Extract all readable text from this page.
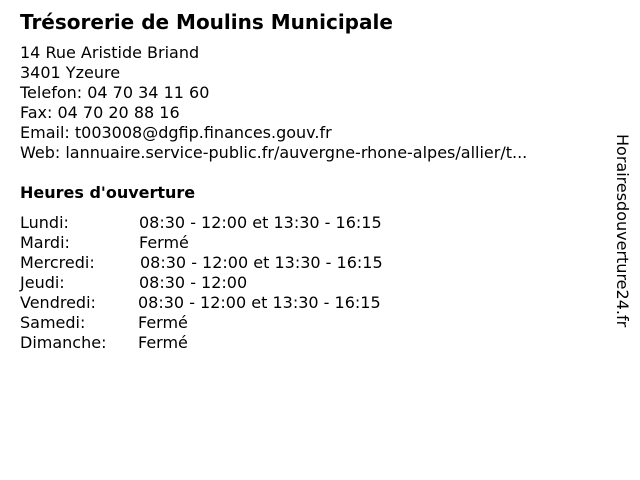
Trésorerie de Moulins Municipale
14 Rue Aristide Briand
3401 Yzeure
Telefon: 04 70 34 11 60
Fax: 04 70 20 88 16
Email: t003008@dgfip.finances.gouv.fr
Web: lannuaire.service-public.fr/auvergne-rhone-alpes/allier/t...
Heures d'ouverture
Lundi:	08:30 - 12:00 et 13:30 - 16:15
Mardi:	Fermé
Mercredi:	08:30 - 12:00 et 13:30 - 16:15
Jeudi:	08:30 - 12:00
Vendredi:	08:30 - 12:00 et 13:30 - 16:15
Samedi:	Fermé
Dimanche: Fermé
Horairesdouverture24.fr
